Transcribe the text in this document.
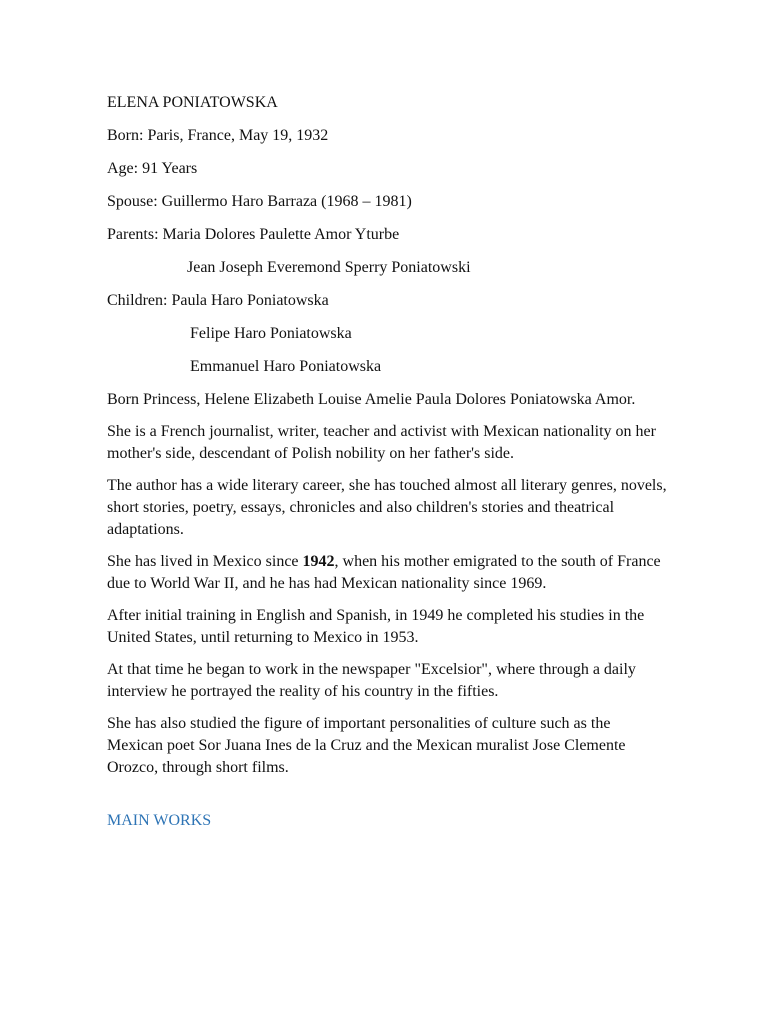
ELENA PONIATOWSKA
Born: Paris, France, May 19, 1932
Age: 91 Years
Spouse: Guillermo Haro Barraza (1968 – 1981)
Parents: Maria Dolores Paulette Amor Yturbe
Jean Joseph Everemond Sperry Poniatowski
Children: Paula Haro Poniatowska
Felipe Haro Poniatowska
Emmanuel Haro Poniatowska

Born Princess, Helene Elizabeth Louise Amelie Paula Dolores Poniatowska Amor.

She is a French journalist, writer, teacher and activist with Mexican nationality on her mother's side, descendant of Polish nobility on her father's side.

The author has a wide literary career, she has touched almost all literary genres, novels, short stories, poetry, essays, chronicles and also children's stories and theatrical adaptations.

She has lived in Mexico since 1942, when his mother emigrated to the south of France due to World War II, and he has had Mexican nationality since 1969.

After initial training in English and Spanish, in 1949 he completed his studies in the United States, until returning to Mexico in 1953.

At that time he began to work in the newspaper "Excelsior", where through a daily interview he portrayed the reality of his country in the fifties.

She has also studied the figure of important personalities of culture such as the Mexican poet Sor Juana Ines de la Cruz and the Mexican muralist Jose Clemente Orozco, through short films.

MAIN WORKS
